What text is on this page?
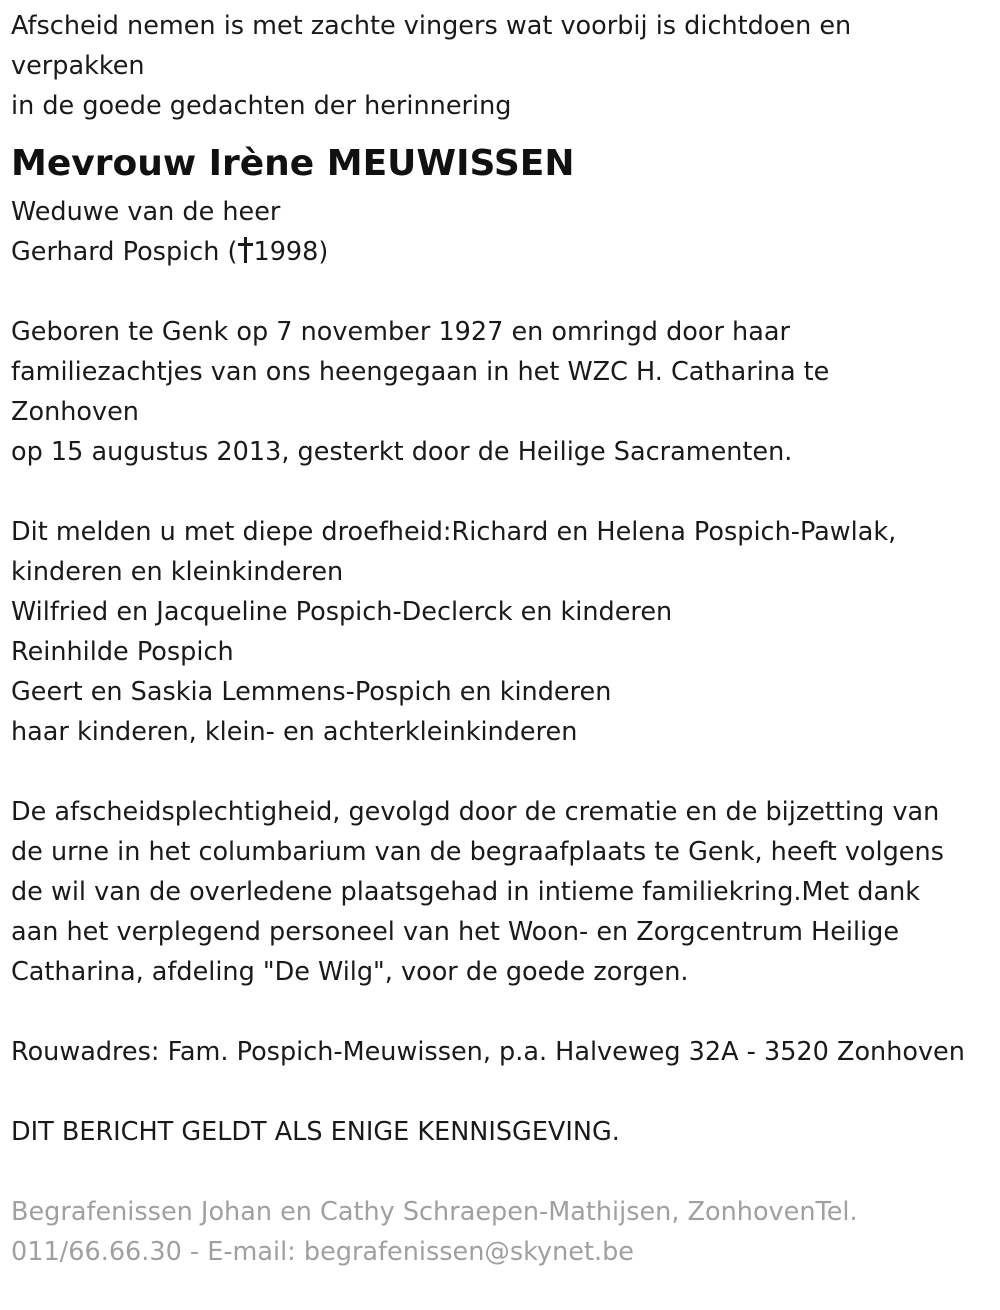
Afscheid nemen is met zachte vingers wat voorbij is dichtdoen en
verpakken
in de goede gedachten der herinnering
Mevrouw Irène MEUWISSEN
Weduwe van de heer
Gerhard Pospich ( 1998)
Geboren te Genk op 7 november 1927 en omringd door haar
familiezachtjes van ons heengegaan in het WZC H. Catharina te
Zonhoven
op 15 augustus 2013, gesterkt door de Heilige Sacramenten.
Dit melden u met diepe droefheid:Richard en Helena Pospich-Pawlak,
kinderen en kleinkinderen
Wilfried en Jacqueline Pospich-Declerck en kinderen
Reinhilde Pospich
Geert en Saskia Lemmens-Pospich en kinderen
haar kinderen, klein- en achterkleinkinderen
De afscheidsplechtigheid, gevolgd door de crematie en de bijzetting van
de urne in het columbarium van de begraafplaats te Genk, heeft volgens
de wil van de overledene plaatsgehad in intieme familiekring.Met dank
aan het verplegend personeel van het Woon- en Zorgcentrum Heilige
Catharina, afdeling "De Wilg", voor de goede zorgen.
Rouwadres: Fam. Pospich-Meuwissen, p.a. Halveweg 32A - 3520 Zonhoven
DIT BERICHT GELDT ALS ENIGE KENNISGEVING.
Begrafenissen Johan en Cathy Schraepen-Mathijsen, ZonhovenTel.
011/66.66.30 - E-mail: begrafenissen@skynet.be
